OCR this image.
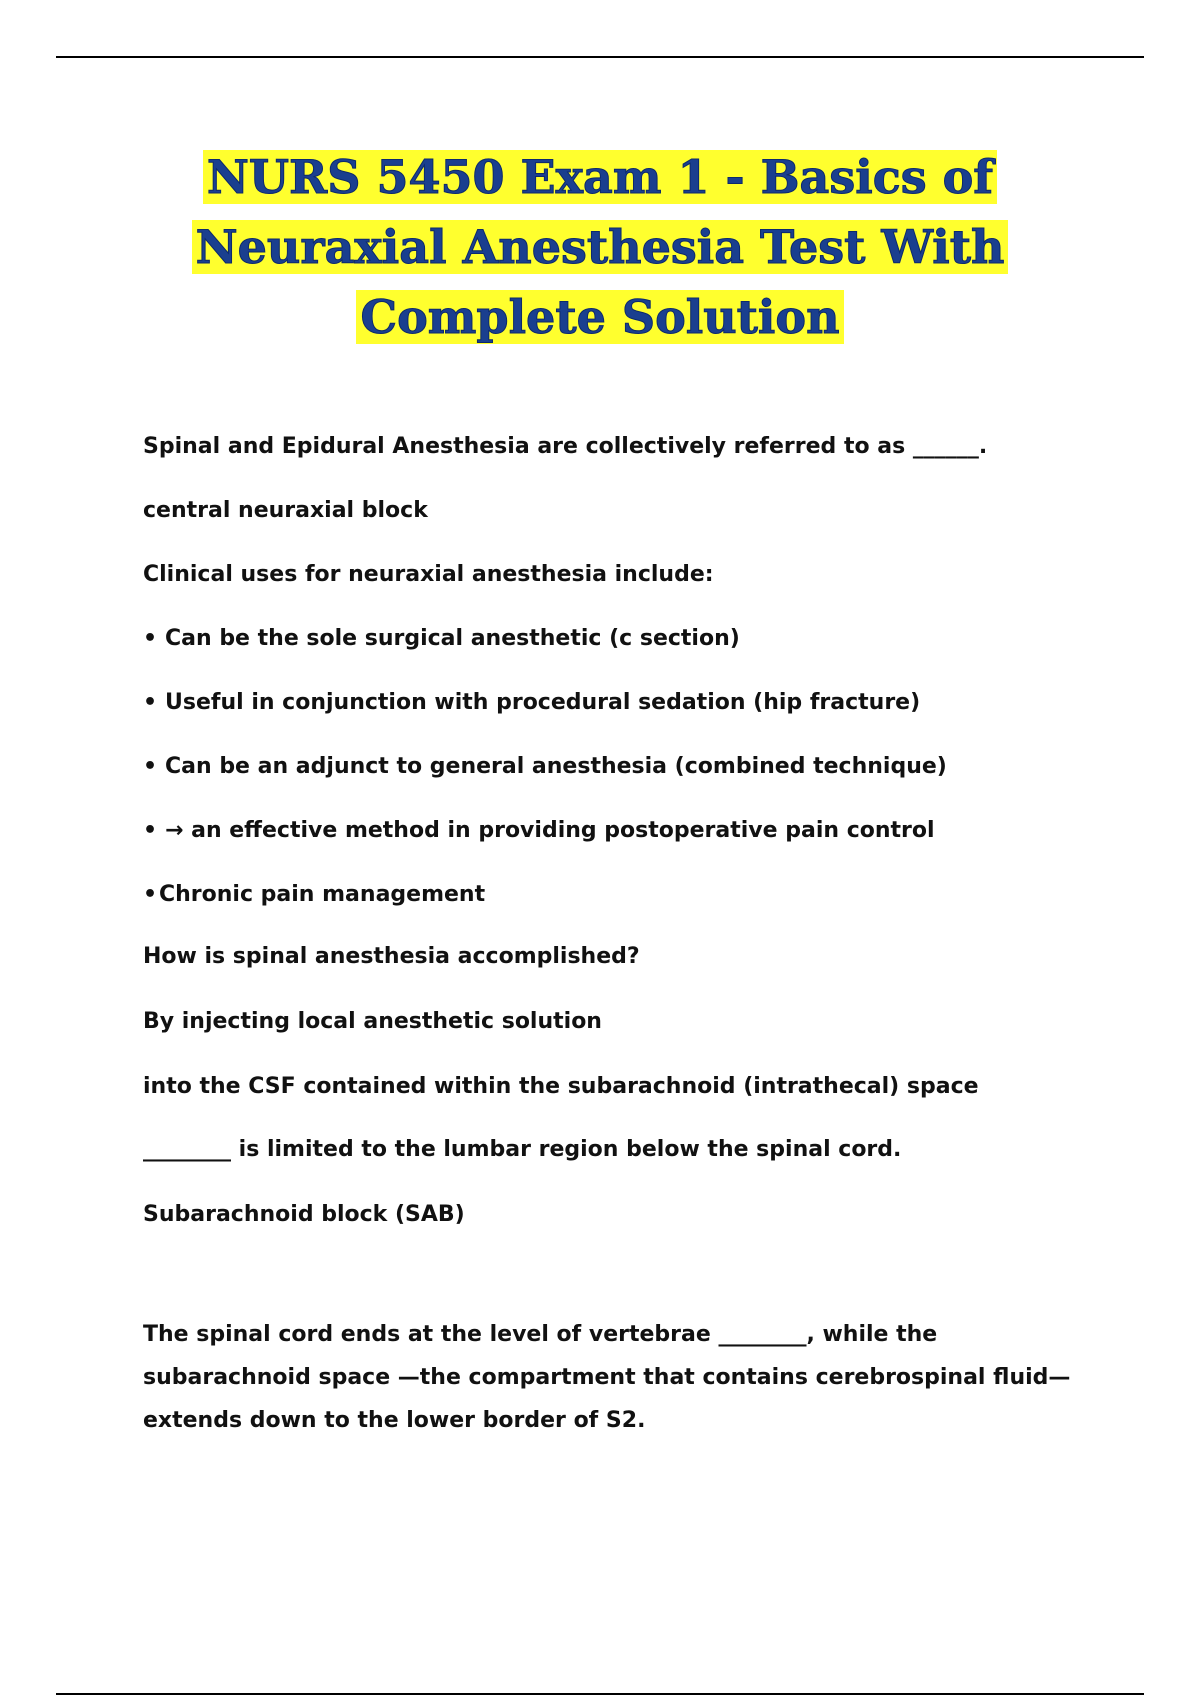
NURS 5450 Exam 1 - Basics of
Neuraxial Anesthesia Test With
Complete Solution

Spinal and Epidural Anesthesia are collectively referred to as ______.

central neuraxial block

Clinical uses for neuraxial anesthesia include:

• Can be the sole surgical anesthetic (c section)

• Useful in conjunction with procedural sedation (hip fracture)

• Can be an adjunct to general anesthesia (combined technique)

• → an effective method in providing postoperative pain control

•Chronic pain management

How is spinal anesthesia accomplished?

By injecting local anesthetic solution

into the CSF contained within the subarachnoid (intrathecal) space

________ is limited to the lumbar region below the spinal cord.

Subarachnoid block (SAB)

The spinal cord ends at the level of vertebrae ________, while the subarachnoid space —the compartment that contains cerebrospinal fluid— extends down to the lower border of S2.
